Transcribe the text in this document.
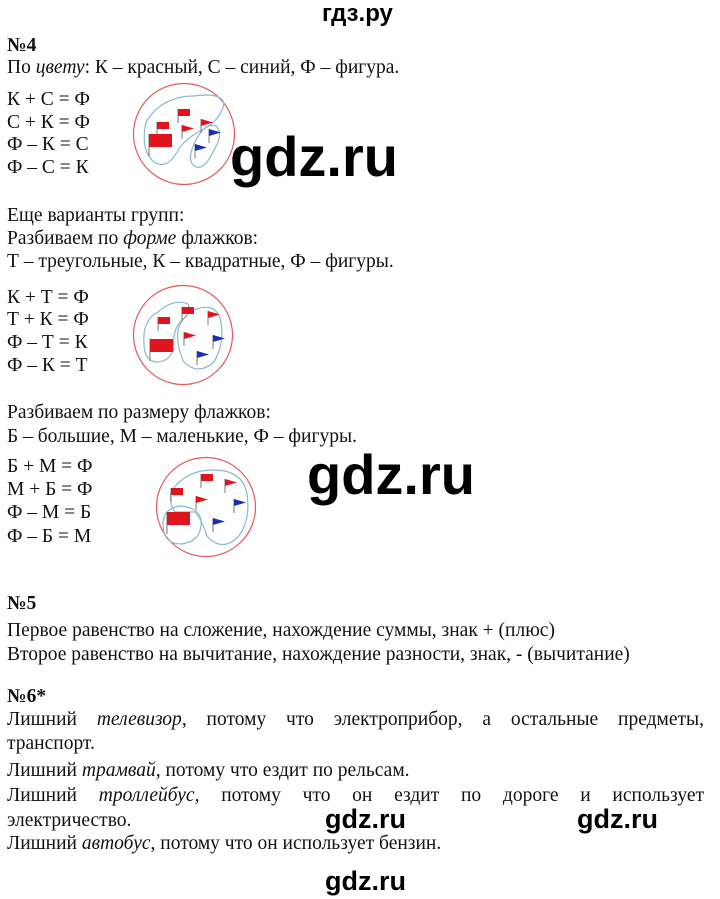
гдз.ру
№4
По цвету: К – красный, С – синий, Ф – фигура.
К + С = Ф
С + К = Ф
Ф – К = С
Ф – С = К	gdz.ru
Еще варианты групп:
Разбиваем по форме флажков:
Т – треугольные, К – квадратные, Ф – фигуры.
К + Т = Ф
Т + К = Ф
Ф – Т = К
Ф – К = Т
Разбиваем по размеру флажков:
Б – большие, М – маленькие, Ф – фигуры.
Б + М = Ф
М + Б = Ф
Ф – М = Б
Ф – Б = М
gdz.ru
№5
Первое равенство на сложение, нахождение суммы, знак + (плюс)
Второе равенство на вычитание, нахождение разности, знак, - (вычитание)
№6*
Лишний телевизор, потому что электроприбор, а остальные предметы,
транспорт.
Лишний трамвай, потому что ездит по рельсам.
Лишний троллейбус, потому что он ездит по дороге и использует
электричество.
Лишний автобус, потому что он использует бензин.
gdz.ru	gdz.ru
gdz.ru
